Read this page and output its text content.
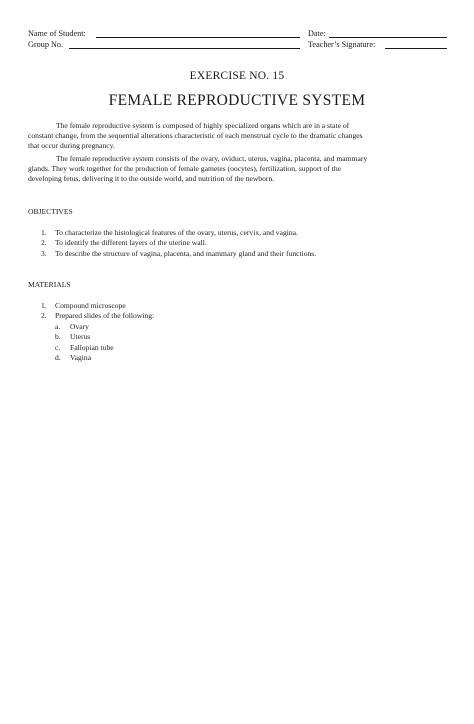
Name of Student:	Date:
Group No.	Teacher’s Signature:
EXERCISE NO. 15
FEMALE REPRODUCTIVE SYSTEM
The female reproductive system is composed of highly specialized organs which are in a state of
constant change, from the sequential alterations characteristic of each menstrual cycle to the dramatic changes
that occur during pregnancy.
The female reproductive system consists of the ovary, oviduct, uterus, vagina, placenta, and mammary
glands. They work together for the production of female gametes (oocytes), fertilization, support of the
developing fetus, delivering it to the outside world, and nutrition of the newborn.
OBJECTIVES
1. To characterize the histological features of the ovary, uterus, cervix, and vagina.
2. To identify the different layers of the uterine wall.
3. To describe the structure of vagina, placenta, and mammary gland and their functions.
MATERIALS
1. Compound microscope
2. Prepared slides of the following:
a. Ovary
b. Uterus
c. Fallopian tube
d. Vagina
